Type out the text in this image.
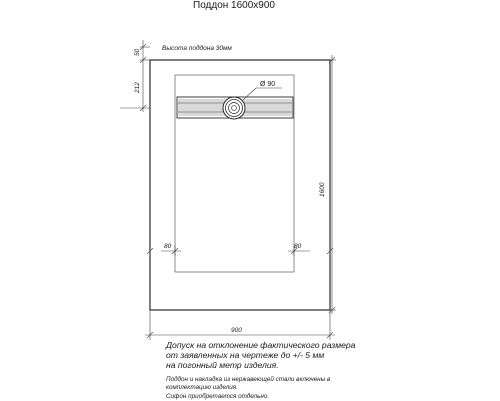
Поддон 1600х900
Высота поддона 30мм
Ø 90
50
212
1600
80	80
900

Допуск на отклонение фактического размера

от заявленных на чертеже до +/- 5 мм

на погонный метр изделия.

Поддон и накладка из нержавеющей стали включены в

комплектацию изделия.

Сифон приобретается отдельно.
